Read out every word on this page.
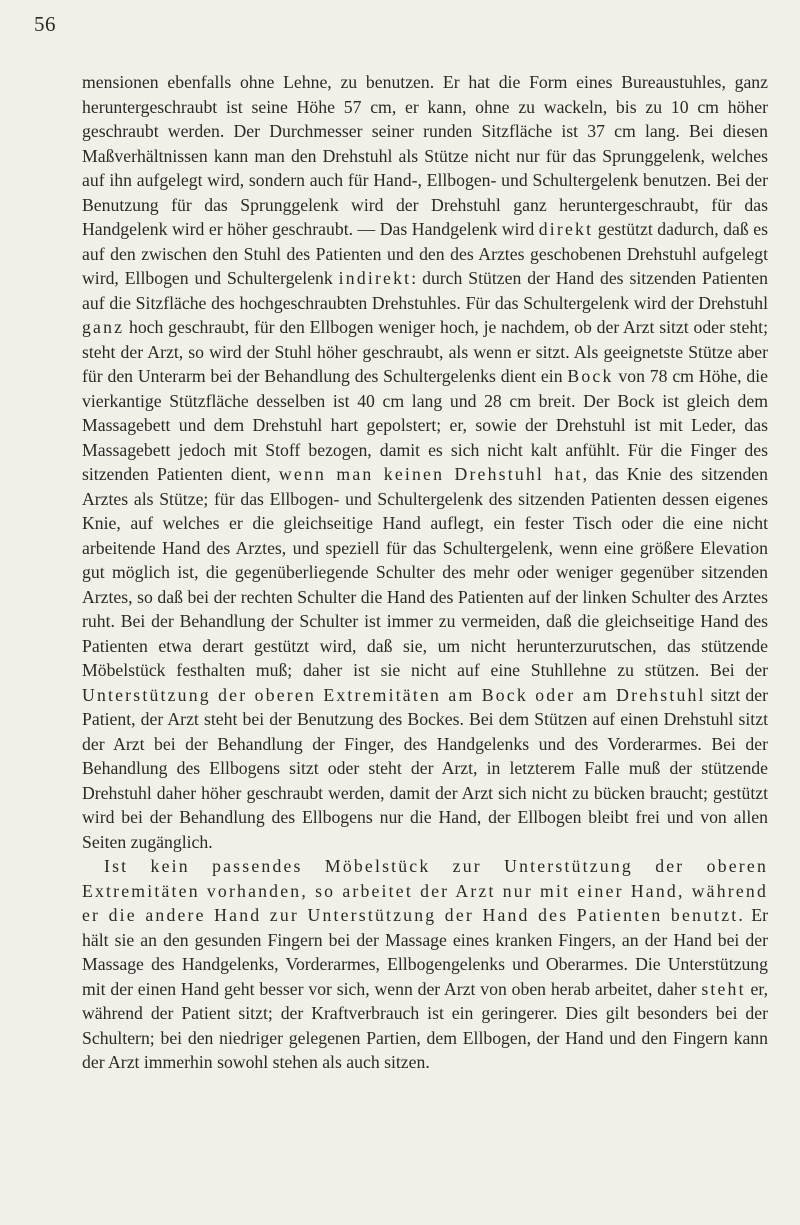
56

mensionen ebenfalls ohne Lehne, zu benutzen. Er hat die Form eines Bureaustuhles, ganz heruntergeschraubt ist seine Höhe 57 cm, er kann, ohne zu wackeln, bis zu 10 cm höher geschraubt werden. Der Durchmesser seiner runden Sitzfläche ist 37 cm lang. Bei diesen Maßverhältnissen kann man den Drehstuhl als Stütze nicht nur für das Sprunggelenk, welches auf ihn aufgelegt wird, sondern auch für Hand-, Ellbogen- und Schultergelenk benutzen. Bei der Benutzung für das Sprunggelenk wird der Drehstuhl ganz heruntergeschraubt, für das Handgelenk wird er höher geschraubt. — Das Handgelenk wird direkt gestützt dadurch, daß es auf den zwischen den Stuhl des Patienten und den des Arztes geschobenen Drehstuhl aufgelegt wird, Ellbogen und Schultergelenk indirekt: durch Stützen der Hand des sitzenden Patienten auf die Sitzfläche des hochgeschraubten Drehstuhles. Für das Schultergelenk wird der Drehstuhl ganz hoch geschraubt, für den Ellbogen weniger hoch, je nachdem, ob der Arzt sitzt oder steht; steht der Arzt, so wird der Stuhl höher geschraubt, als wenn er sitzt. Als geeignetste Stütze aber für den Unterarm bei der Behandlung des Schultergelenks dient ein Bock von 78 cm Höhe, die vierkantige Stützfläche desselben ist 40 cm lang und 28 cm breit. Der Bock ist gleich dem Massagebett und dem Drehstuhl hart gepolstert; er, sowie der Drehstuhl ist mit Leder, das Massagebett jedoch mit Stoff bezogen, damit es sich nicht kalt anfühlt. Für die Finger des sitzenden Patienten dient, wenn man keinen Drehstuhl hat, das Knie des sitzenden Arztes als Stütze; für das Ellbogen- und Schultergelenk des sitzenden Patienten dessen eigenes Knie, auf welches er die gleichseitige Hand auflegt, ein fester Tisch oder die eine nicht arbeitende Hand des Arztes, und speziell für das Schultergelenk, wenn eine größere Elevation gut möglich ist, die gegenüberliegende Schulter des mehr oder weniger gegenüber sitzenden Arztes, so daß bei der rechten Schulter die Hand des Patienten auf der linken Schulter des Arztes ruht. Bei der Behandlung der Schulter ist immer zu vermeiden, daß die gleichseitige Hand des Patienten etwa derart gestützt wird, daß sie, um nicht herunterzurutschen, das stützende Möbelstück festhalten muß; daher ist sie nicht auf eine Stuhllehne zu stützen. Bei der Unterstützung der oberen Extremitäten am Bock oder am Drehstuhl sitzt der Patient, der Arzt steht bei der Benutzung des Bockes. Bei dem Stützen auf einen Drehstuhl sitzt der Arzt bei der Behandlung der Finger, des Handgelenks und des Vorderarmes. Bei der Behandlung des Ellbogens sitzt oder steht der Arzt, in letzterem Falle muß der stützende Drehstuhl daher höher geschraubt werden, damit der Arzt sich nicht zu bücken braucht; gestützt wird bei der Behandlung des Ellbogens nur die Hand, der Ellbogen bleibt frei und von allen Seiten zugänglich.

Ist kein passendes Möbelstück zur Unterstützung der oberen Extremitäten vorhanden, so arbeitet der Arzt nur mit einer Hand, während er die andere Hand zur Unterstützung der Hand des Patienten benutzt. Er hält sie an den gesunden Fingern bei der Massage eines kranken Fingers, an der Hand bei der Massage des Handgelenks, Vorderarmes, Ellbogengelenks und Oberarmes. Die Unterstützung mit der einen Hand geht besser vor sich, wenn der Arzt von oben herab arbeitet, daher steht er, während der Patient sitzt; der Kraftverbrauch ist ein geringerer. Dies gilt besonders bei der Schultern; bei den niedriger gelegenen Partien, dem Ellbogen, der Hand und den Fingern kann der Arzt immerhin sowohl stehen als auch sitzen.
